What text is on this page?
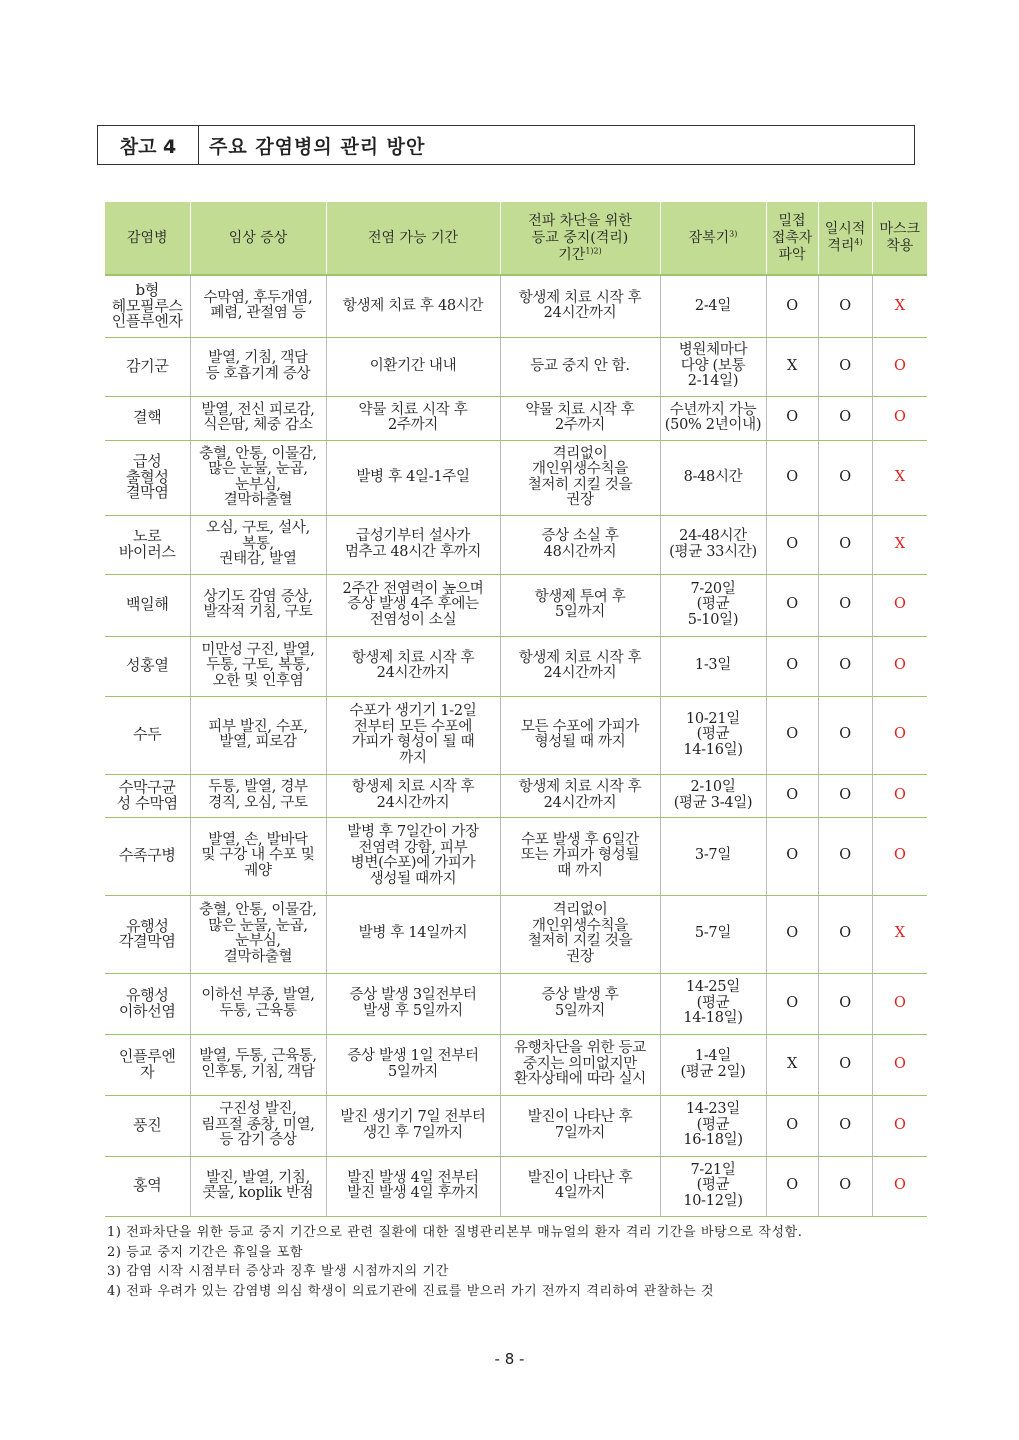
참고 4	주요 감염병의 관리 방안
감염병	임상 증상	전염 가능 기간	전파 차단을 위한
등교 중지(격리)
기간$^{1)2)}$	잠복기$^{3)}$	밀접
접촉자
파악	일시적
격리$^{4)}$	마스크
착용
b형
헤모필루스
인플루엔자	수막염, 후두개염,
폐렴, 관절염 등	항생제 치료 후 48시간	항생제 치료 시작 후
24시간까지	2-4일	O	O	X
감기군	발열, 기침, 객담
등 호흡기계 증상	이환기간 내내	등교 중지 안 함.	병원체마다
다양 (보통
2-14일)	X	O	O
결핵	발열, 전신 피로감,
식은땀, 체중 감소	약물 치료 시작 후
2주까지	약물 치료 시작 후
2주까지	수년까지 가능
(50% 2년이내)	O	O	O
급성
출혈성
결막염	충혈, 안통, 이물감,
많은 눈물, 눈곱,
눈부심,
결막하출혈	발병 후 4일-1주일	격리없이
개인위생수칙을
철저히 지킬 것을
권장	8-48시간	O	O	X
노로
바이러스	오심, 구토, 설사,
복통,
권태감, 발열	급성기부터 설사가
멈추고 48시간 후까지	증상 소실 후
48시간까지	24-48시간
(평균 33시간)	O	O	X
백일해	상기도 감염 증상,
발작적 기침, 구토	2주간 전염력이 높으며
증상 발생 4주 후에는
전염성이 소실	항생제 투여 후
5일까지	7-20일
(평균
5-10일)	O	O	O
성홍열	미만성 구진, 발열,
두통, 구토, 복통,
오한 및 인후염	항생제 치료 시작 후
24시간까지	항생제 치료 시작 후
24시간까지	1-3일	O	O	O
수두	피부 발진, 수포,
발열, 피로감	수포가 생기기 1-2일
전부터 모든 수포에
가피가 형성이 될 때
까지	모든 수포에 가피가
형성될 때 까지	10-21일
(평균
14-16일)	O	O	O
수막구균
성 수막염	두통, 발열, 경부
경직, 오심, 구토	항생제 치료 시작 후
24시간까지	항생제 치료 시작 후
24시간까지	2-10일
(평균 3-4일)	O	O	O
수족구병	발열, 손, 발바닥
및 구강 내 수포 및
궤양	발병 후 7일간이 가장
전염력 강함, 피부
병변(수포)에 가피가
생성될 때까지	수포 발생 후 6일간
또는 가피가 형성될
때 까지	3-7일	O	O	O
유행성
각결막염	충혈, 안통, 이물감,
많은 눈물, 눈곱,
눈부심,
결막하출혈	발병 후 14일까지	격리없이
개인위생수칙을
철저히 지킬 것을
권장	5-7일	O	O	X
유행성
이하선염	이하선 부종, 발열,
두통, 근육통	증상 발생 3일전부터
발생 후 5일까지	증상 발생 후
5일까지	14-25일
(평균
14-18일)	O	O	O
인플루엔
자	발열, 두통, 근육통,
인후통, 기침, 객담	증상 발생 1일 전부터
5일까지	유행차단을 위한 등교
중지는 의미없지만
환자상태에 따라 실시	1-4일
(평균 2일)	X	O	O
풍진	구진성 발진,
림프절 종창, 미열,
등 감기 증상	발진 생기기 7일 전부터
생긴 후 7일까지	발진이 나타난 후
7일까지	14-23일
(평균
16-18일)	O	O	O
홍역	발진, 발열, 기침,
콧물, koplik 반점	발진 발생 4일 전부터
발진 발생 4일 후까지	발진이 나타난 후
4일까지	7-21일
(평균
10-12일)	O	O	O
1) 전파차단을 위한 등교 중지 기간으로 관련 질환에 대한 질병관리본부 매뉴얼의 환자 격리 기간을 바탕으로 작성함.
2) 등교 중지 기간은 휴일을 포함
3) 감염 시작 시점부터 증상과 징후 발생 시점까지의 기간
4) 전파 우려가 있는 감염병 의심 학생이 의료기관에 진료를 받으러 가기 전까지 격리하여 관찰하는 것
- 8 -
